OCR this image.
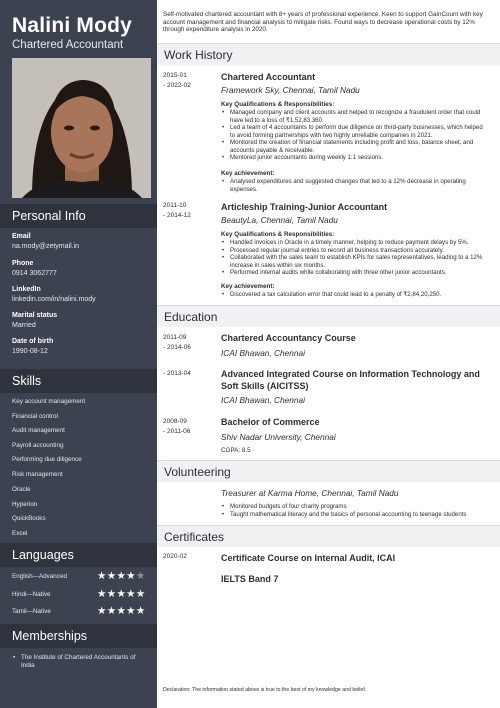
Nalini Mody
Chartered Accountant
Personal Info
Email
na.mody@zetymail.in
Phone
0914 3062777
LinkedIn
linkedin.com/in/nalini.mody
Marital status
Married
Date of birth
1990-08-12
Skills
Key account management
Financial control
Audit management
Payroll accounting
Performing due diligence
Risk management
Oracle
Hyperion
QuickBooks
Excel
Languages
English—Advanced	★★★★★
Hindi—Native	★★★★★
Tamil—Native	★★★★★
Memberships
• The Institute of Chartered Accountants of India
Self-motivated chartered accountant with 8+ years of professional experience. Keen to support GainCount with key account management and financial analysis to mitigate risks. Found ways to decrease operational costs by 12% through expenditure analysis in 2020.
Work History
2015-01
- 2022-02
Chartered Accountant
Framework Sky, Chennai, Tamil Nadu
Key Qualifications & Responsibilities:
• Managed company and client accounts and helped to recognize a fraudulent order that could have led to a loss of ₹1,52,83,360.
• Led a team of 4 accountants to perform due diligence on third-party businesses, which helped to avoid forming partnerships with two highly unreliable companies in 2021.
• Monitored the creation of financial statements including profit and loss, balance sheet, and accounts payable & receivable.
• Mentored junior accountants during weekly 1:1 sessions.
Key achievement:
• Analysed expenditures and suggested changes that led to a 12% decrease in operating expenses.
2011-10
- 2014-12
Articleship Training-Junior Accountant
BeautyLa, Chennai, Tamil Nadu
Key Qualifications & Responsibilities:
• Handled invoices in Oracle in a timely manner, helping to reduce payment delays by 5%.
• Processed regular journal entries to record all business transactions accurately.
• Collaborated with the sales team to establish KPIs for sales representatives, leading to a 12% increase in sales within six months.
• Performed internal audits while collaborating with three other junior accountants.
Key achievement:
• Discovered a tax calculation error that could lead to a penalty of ₹2,84,20,250.
Education
2011-09
- 2014-06
Chartered Accountancy Course
ICAI Bhawan, Chennai
- 2013-04	Advanced Integrated Course on Information Technology and Soft Skills (AICITSS)
ICAI Bhawan, Chennai
2008-09
- 2011-06
Bachelor of Commerce
Shiv Nadar University, Chennai
CGPA: 8.5
Volunteering
Treasurer at Karma Home, Chennai, Tamil Nadu
• Monitored budgets of four charity programs
• Taught mathematical literacy and the basics of personal accounting to teenage students
Certificates
2020-02	Certificate Course on Internal Audit, ICAI
IELTS Band 7
Declaration: The information stated above is true to the best of my knowledge and belief.
